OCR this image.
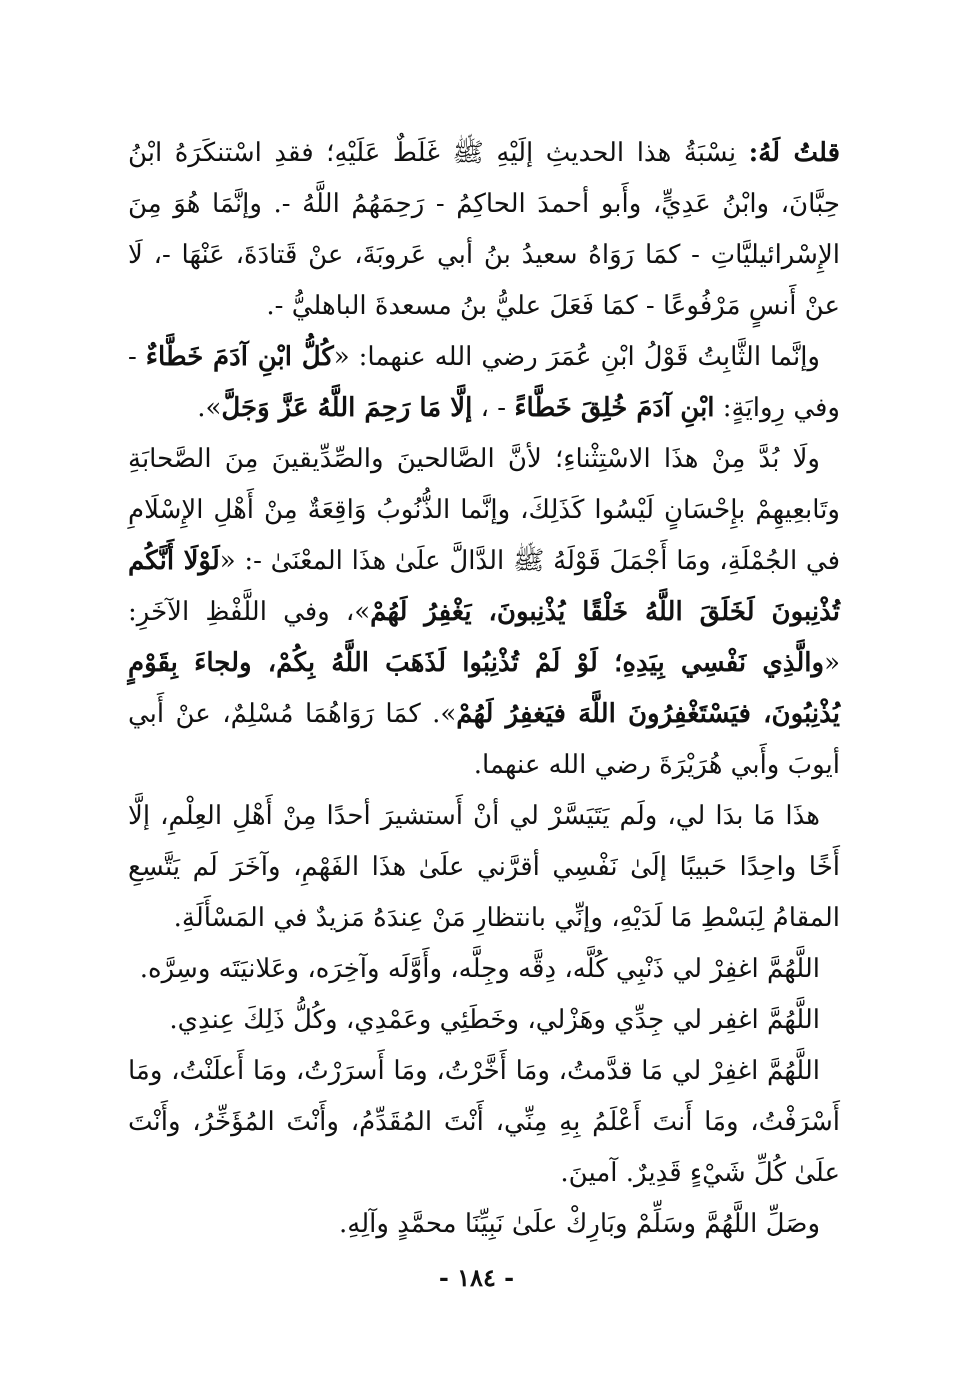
قلتُ لَهُ: نِسْبَةُ هذا الحديثِ إلَيْهِ ﷺ غَلَطٌ عَلَيْهِ؛ فقدِ اسْتنكَرَهُ ابْنُ حِبَّانَ، وابْنُ عَدِيٍّ، وأَبو أحمدَ الحاكِمُ - رَحِمَهُمُ اللَّهُ -. وإنَّمَا هُوَ مِنَ الإِسْرائيليَّاتِ - كمَا رَوَاهُ سعيدُ بنُ أبي عَروبَةَ، عنْ قَتادَةَ، عَنْهَا -، لَا عنْ أَنسٍ مَرْفُوعًا - كمَا فَعَلَ عليُّ بنُ مسعدةَ الباهليُّ -.

وإنَّما الثَّابِتُ قَوْلُ ابْنِ عُمَرَ رضي الله عنهما: «كُلُّ ابْنِ آدَمَ خَطَّاءٌ - وفي رِوايَةٍ: ابْنِ آدَمَ خُلِقَ خَطَّاءً - ، إلَّا مَا رَحِمَ اللَّهُ عَزَّ وَجَلَّ».

ولَا بُدَّ مِنْ هذَا الاسْتِثْناءِ؛ لأنَّ الصَّالحينَ والصِّدِّيقينَ مِنَ الصَّحابَةِ وتَابعِيهِمْ بإِحْسَانٍ لَيْسُوا كَذَلِكَ، وإنَّما الذُّنُوبُ وَاقِعَةٌ مِنْ أَهْلِ الإِسْلَامِ في الجُمْلَةِ، ومَا أَجْمَلَ قَوْلَهُ ﷺ الدَّالَّ علَىٰ هذَا المعْنَىٰ -: «لَوْلَا أَنَّكُم تُذْنِبونَ لَخَلَقَ اللَّهُ خَلْقًا يُذْنِبونَ، يَغْفِرُ لَهُمْ»، وفي اللَّفْظِ الآخَرِ: «والَّذِي نَفْسِي بِيَدِهِ؛ لَوْ لَمْ تُذْنِبُوا لَذَهَبَ اللَّهُ بِكُمْ، ولجاءَ بِقَوْمٍ يُذْنِبُونَ، فيَسْتَغْفِرُونَ اللَّهَ فيَغفِرُ لَهُمْ». كمَا رَوَاهُمَا مُسْلِمٌ، عنْ أَبي أيوبَ وأَبي هُرَيْرَةَ رضي الله عنهما.

هذَا مَا بدَا لي، ولَم يَتَيَسَّرْ لي أنْ أَستشيرَ أحدًا مِنْ أَهْلِ العِلْمِ، إلَّا أَخًا واحِدًا حَبيبًا إلَىٰ نَفْسِي أقرَّني علَىٰ هذَا الفَهْمِ، وآخَرَ لَم يَتَّسِعِ المقامُ لِبَسْطِ مَا لَدَيْهِ، وإنِّي بانتظارِ مَنْ عِندَهُ مَزيدٌ في المَسْأَلَةِ.

اللَّهُمَّ اغفِرْ لي ذَنْبِي كُلَّه، دِقَّه وجِلَّه، وأَوَّلَه وآخِرَه، وعَلانيَتَه وسِرَّه.

اللَّهُمَّ اغفِر لي جِدِّي وهَزْلي، وخَطَئِي وعَمْدِي، وكُلُّ ذَلِكَ عِندِي.

اللَّهُمَّ اغفِرْ لي مَا قدَّمتُ، ومَا أَخَّرْتُ، ومَا أَسرَرْتُ، ومَا أَعلَنْتُ، ومَا أَسْرَفْتُ، ومَا أَنتَ أَعْلَمُ بِهِ مِنِّي، أَنْتَ المُقَدِّمُ، وأَنْتَ المُؤَخِّرُ، وأَنْتَ علَىٰ كُلِّ شَيْءٍ قَدِيرٌ. آمينَ.

وصَلِّ اللَّهُمَّ وسَلِّمْ وبَارِكْ علَىٰ نَبِيِّنَا محمَّدٍ وآلِهِ.

- ١٨٤ -
